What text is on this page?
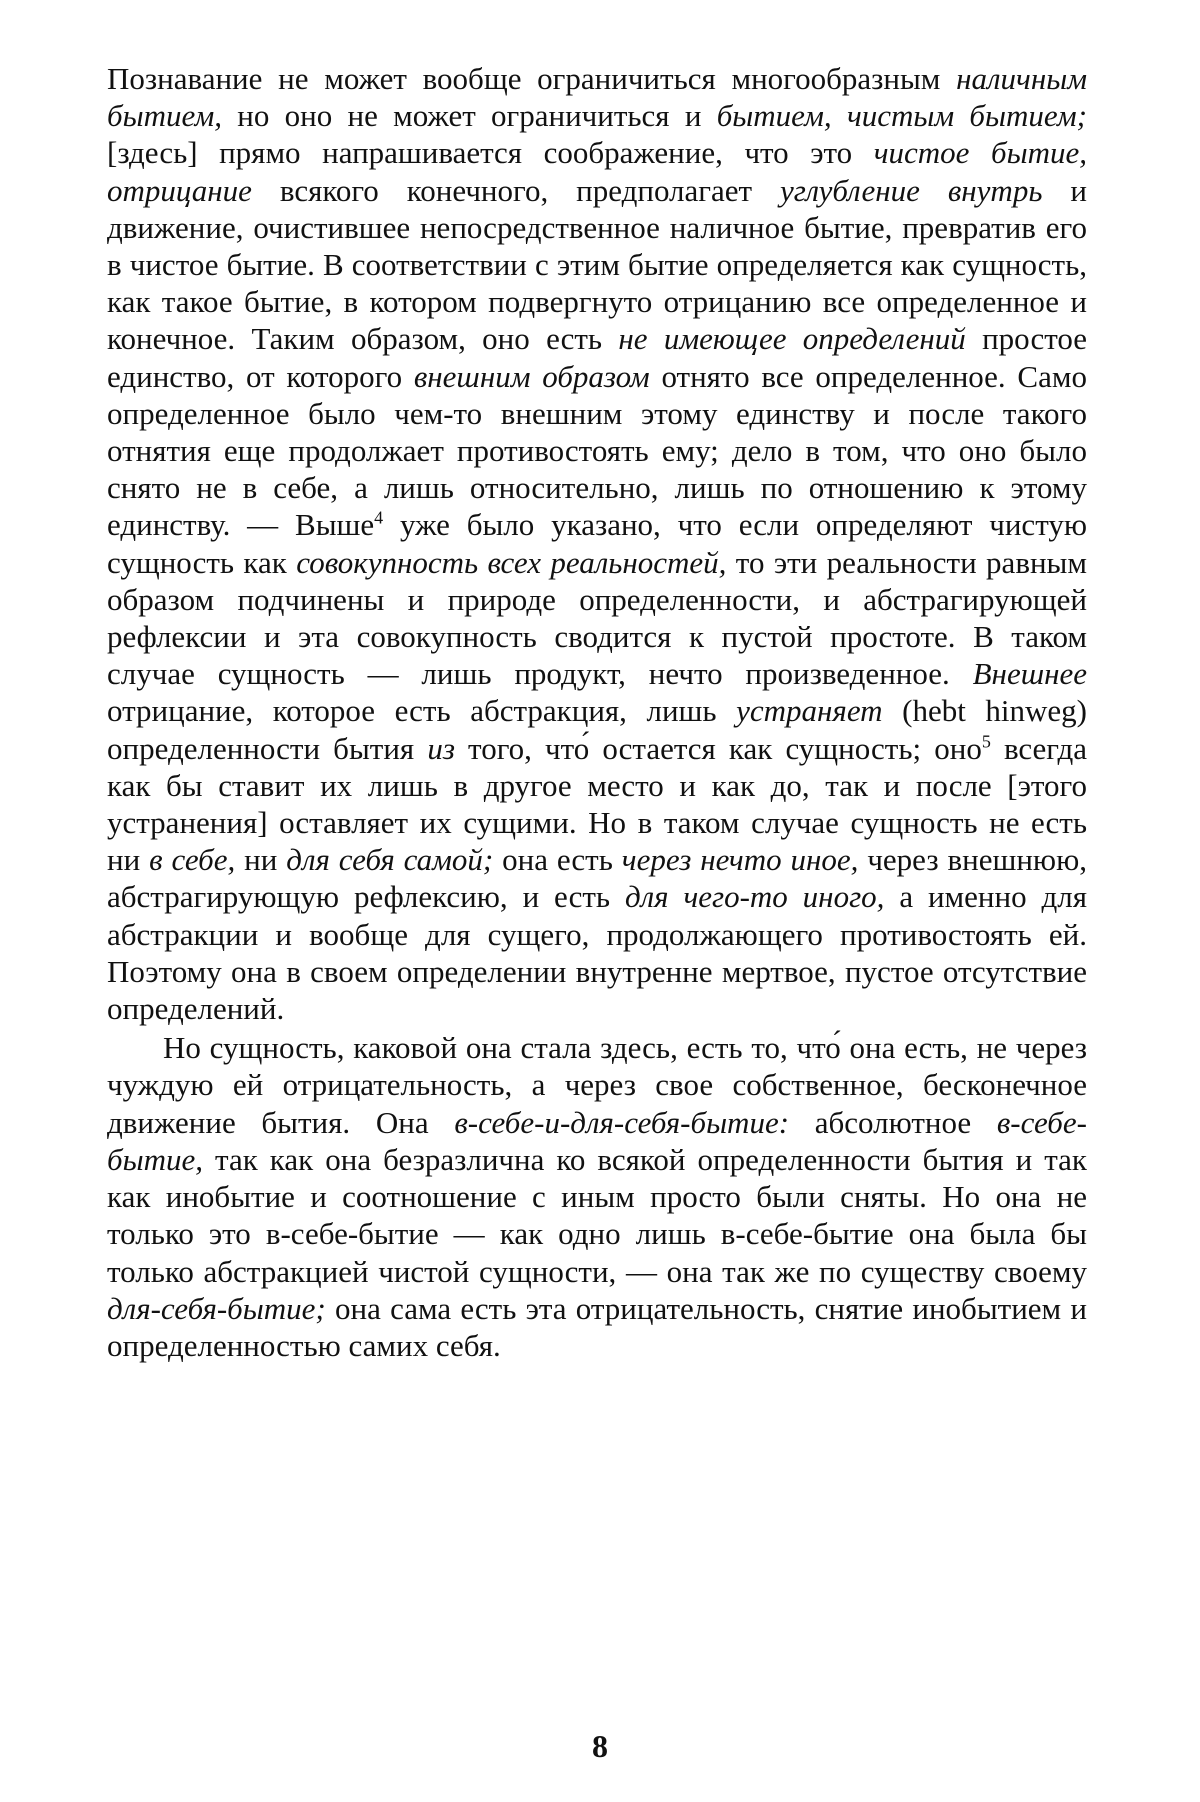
Познавание не может вообще ограничиться многообразным наличным бытием, но оно не может ограничиться и бытием, чистым бытием; [здесь] прямо напрашивается соображение, что это чистое бытие, отрицание всякого конечного, предполагает углубление внутрь и движение, очистившее непосредственное наличное бытие, превратив его в чистое бытие. В соответствии с этим бытие определяется как сущность, как такое бытие, в котором подвергнуто отрицанию все определенное и конечное. Таким образом, оно есть не имеющее определений простое единство, от которого внешним образом отнято все определенное. Само определенное было чем-то внешним этому единству и после такого отнятия еще продолжает противостоять ему; дело в том, что оно было снято не в себе, а лишь относительно, лишь по отношению к этому единству. — Выше$^4$ уже было указано, что если определяют чистую сущность как совокупность всех реальностей, то эти реальности равным образом подчинены и природе определенности, и абстрагирующей рефлексии и эта совокупность сводится к пустой простоте. В таком случае сущность — лишь продукт, нечто произведенное. Внешнее отрицание, которое есть абстракция, лишь устраняет (hebt hinweg) определенности бытия из того, что́ остается как сущность; оно$^5$ всегда как бы ставит их лишь в другое место и как до, так и после [этого устранения] оставляет их сущими. Но в таком случае сущность не есть ни в себе, ни для себя самой; она есть через нечто иное, через внешнюю, абстрагирующую рефлексию, и есть для чего-то иного, а именно для абстракции и вообще для сущего, продолжающего противостоять ей. Поэтому она в своем определении внутренне мертвое, пустое отсутствие определений.

Но сущность, каковой она стала здесь, есть то, что́ она есть, не через чуждую ей отрицательность, а через свое собственное, бесконечное движение бытия. Она в-себе-и-для-себя-бытие: абсолютное в-себе-бытие, так как она безразлична ко всякой определенности бытия и так как инобытие и соотношение с иным просто были сняты. Но она не только это в-себе-бытие — как одно лишь в-себе-бытие она была бы только абстракцией чистой сущности, — она так же по существу своему для-себя-бытие; она сама есть эта отрицательность, снятие инобытием и определенностью самих себя.

8
